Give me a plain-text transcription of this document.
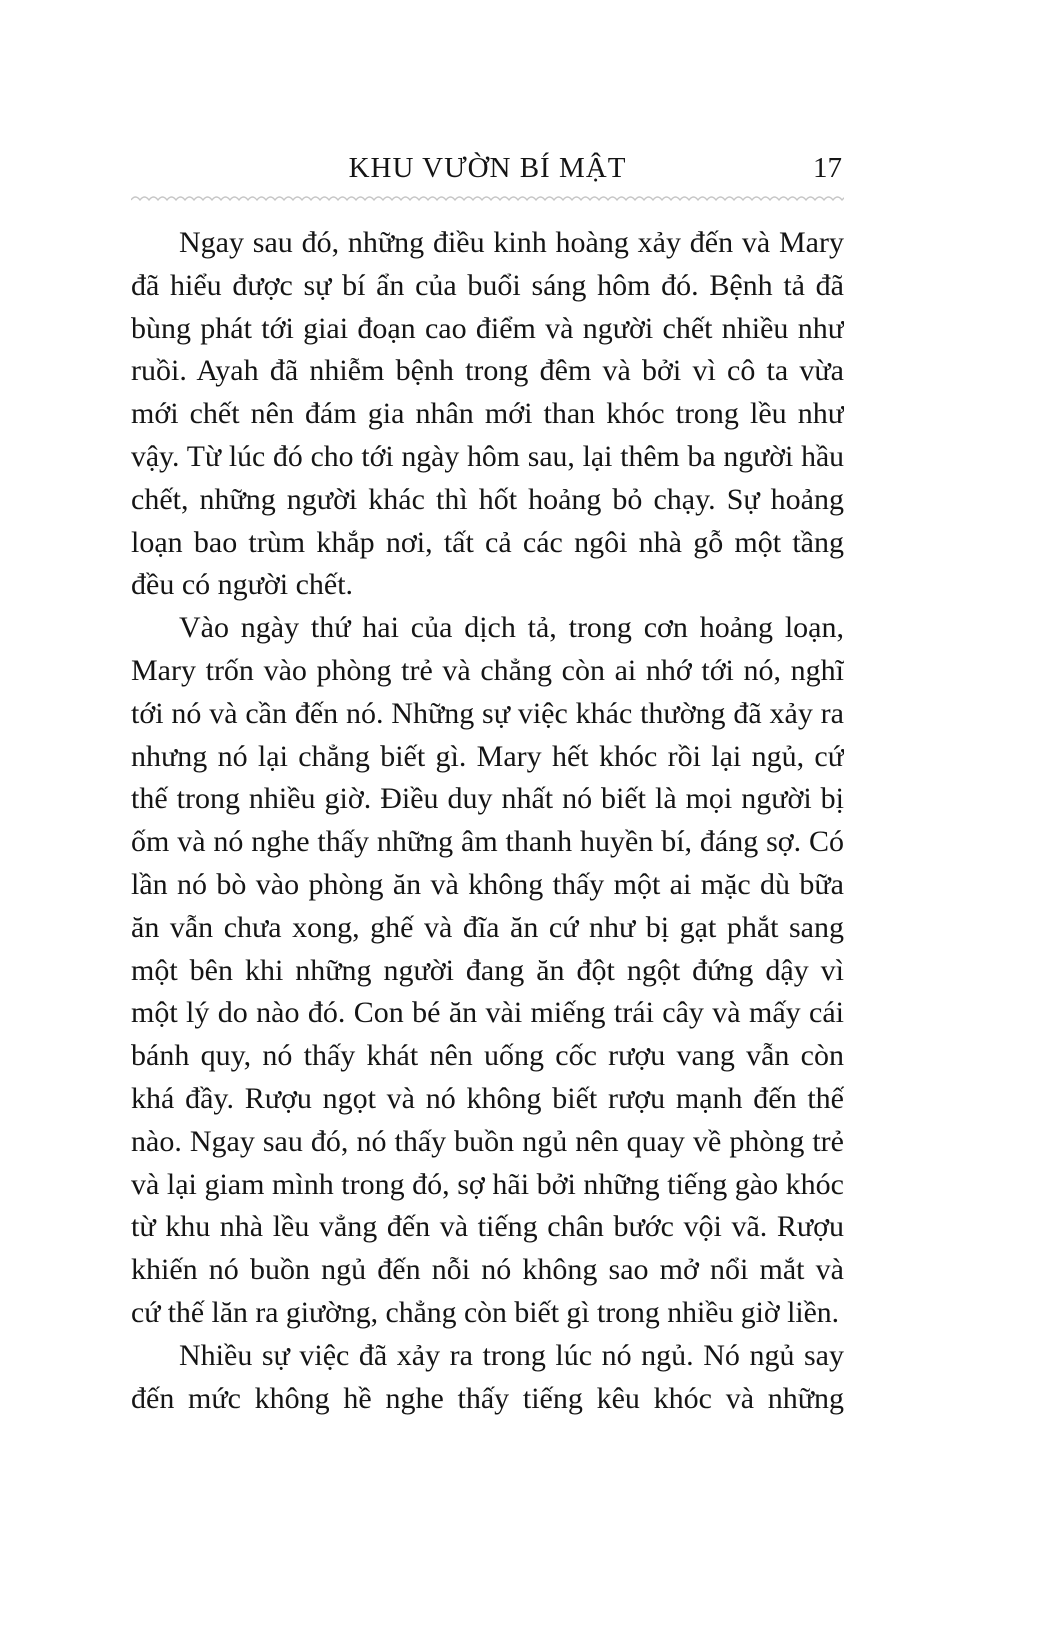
KHU VƯỜN BÍ MẬT	17
Ngay sau đó, những điều kinh hoàng xảy đến và Mary
đã hiểu được sự bí ẩn của buổi sáng hôm đó. Bệnh tả đã
bùng phát tới giai đoạn cao điểm và người chết nhiều như
ruồi. Ayah đã nhiễm bệnh trong đêm và bởi vì cô ta vừa
mới chết nên đám gia nhân mới than khóc trong lều như
vậy. Từ lúc đó cho tới ngày hôm sau, lại thêm ba người hầu
chết, những người khác thì hốt hoảng bỏ chạy. Sự hoảng
loạn bao trùm khắp nơi, tất cả các ngôi nhà gỗ một tầng
đều có người chết.
Vào ngày thứ hai của dịch tả, trong cơn hoảng loạn,
Mary trốn vào phòng trẻ và chẳng còn ai nhớ tới nó, nghĩ
tới nó và cần đến nó. Những sự việc khác thường đã xảy ra
nhưng nó lại chẳng biết gì. Mary hết khóc rồi lại ngủ, cứ
thế trong nhiều giờ. Điều duy nhất nó biết là mọi người bị
ốm và nó nghe thấy những âm thanh huyền bí, đáng sợ. Có
lần nó bò vào phòng ăn và không thấy một ai mặc dù bữa
ăn vẫn chưa xong, ghế và đĩa ăn cứ như bị gạt phắt sang
một bên khi những người đang ăn đột ngột đứng dậy vì
một lý do nào đó. Con bé ăn vài miếng trái cây và mấy cái
bánh quy, nó thấy khát nên uống cốc rượu vang vẫn còn
khá đầy. Rượu ngọt và nó không biết rượu mạnh đến thế
nào. Ngay sau đó, nó thấy buồn ngủ nên quay về phòng trẻ
và lại giam mình trong đó, sợ hãi bởi những tiếng gào khóc
từ khu nhà lều vẳng đến và tiếng chân bước vội vã. Rượu
khiến nó buồn ngủ đến nỗi nó không sao mở nổi mắt và
cứ thế lăn ra giường, chẳng còn biết gì trong nhiều giờ liền.
Nhiều sự việc đã xảy ra trong lúc nó ngủ. Nó ngủ say
đến mức không hề nghe thấy tiếng kêu khóc và những
